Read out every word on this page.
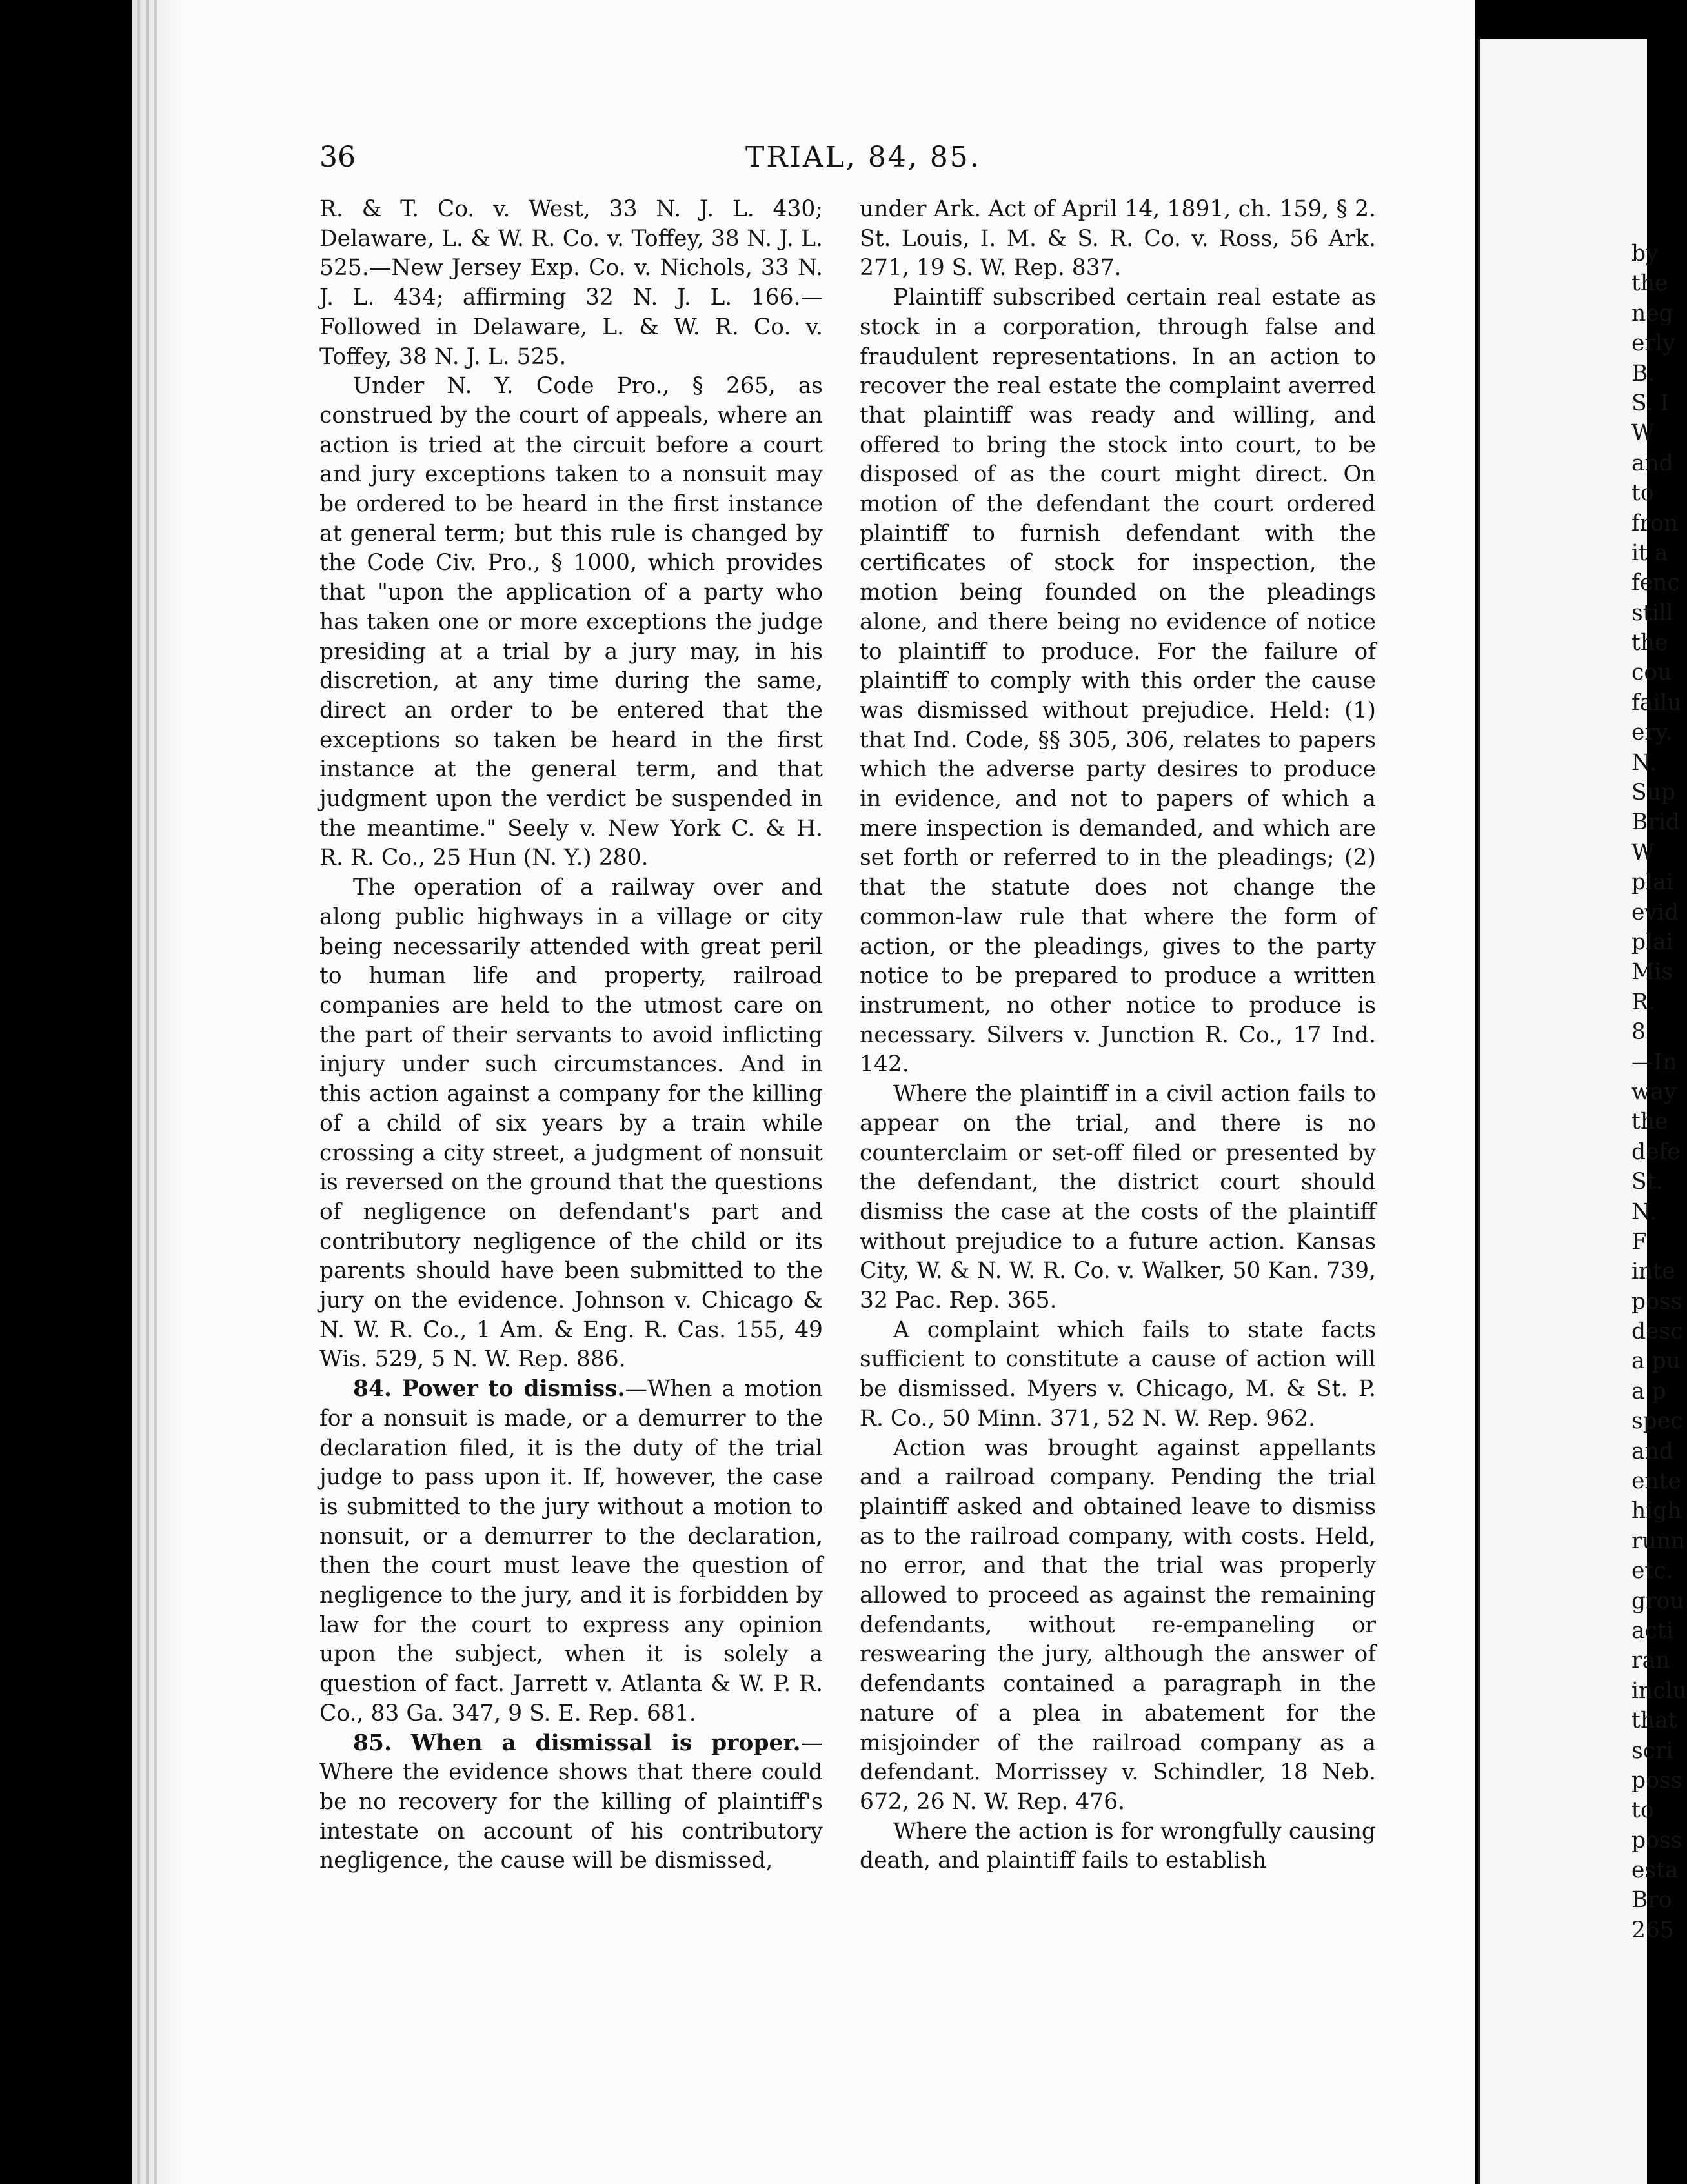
36	TRIAL, 84, 85.

R. & T. Co. v. West, 33 N. J. L. 430; Delaware, L. & W. R. Co. v. Toffey, 38 N. J. L. 525.—New Jersey Exp. Co. v. Nichols, 33 N. J. L. 434; affirming 32 N. J. L. 166.—Followed in Delaware, L. & W. R. Co. v. Toffey, 38 N. J. L. 525.

Under N. Y. Code Pro., § 265, as construed by the court of appeals, where an action is tried at the circuit before a court and jury exceptions taken to a nonsuit may be ordered to be heard in the first instance at general term; but this rule is changed by the Code Civ. Pro., § 1000, which provides that "upon the application of a party who has taken one or more exceptions the judge presiding at a trial by a jury may, in his discretion, at any time during the same, direct an order to be entered that the exceptions so taken be heard in the first instance at the general term, and that judgment upon the verdict be suspended in the meantime." Seely v. New York C. & H. R. R. Co., 25 Hun (N. Y.) 280.

The operation of a railway over and along public highways in a village or city being necessarily attended with great peril to human life and property, railroad companies are held to the utmost care on the part of their servants to avoid inflicting injury under such circumstances. And in this action against a company for the killing of a child of six years by a train while crossing a city street, a judgment of nonsuit is reversed on the ground that the questions of negligence on defendant's part and contributory negligence of the child or its parents should have been submitted to the jury on the evidence. Johnson v. Chicago & N. W. R. Co., 1 Am. & Eng. R. Cas. 155, 49 Wis. 529, 5 N. W. Rep. 886.

84. Power to dismiss.—When a motion for a nonsuit is made, or a demurrer to the declaration filed, it is the duty of the trial judge to pass upon it. If, however, the case is submitted to the jury without a motion to nonsuit, or a demurrer to the declaration, then the court must leave the question of negligence to the jury, and it is forbidden by law for the court to express any opinion upon the subject, when it is solely a question of fact. Jarrett v. Atlanta & W. P. R. Co., 83 Ga. 347, 9 S. E. Rep. 681.

85. When a dismissal is proper.—Where the evidence shows that there could be no recovery for the killing of plaintiff's intestate on account of his contributory negligence, the cause will be dismissed,

under Ark. Act of April 14, 1891, ch. 159, § 2. St. Louis, I. M. & S. R. Co. v. Ross, 56 Ark. 271, 19 S. W. Rep. 837.

Plaintiff subscribed certain real estate as stock in a corporation, through false and fraudulent representations. In an action to recover the real estate the complaint averred that plaintiff was ready and willing, and offered to bring the stock into court, to be disposed of as the court might direct. On motion of the defendant the court ordered plaintiff to furnish defendant with the certificates of stock for inspection, the motion being founded on the pleadings alone, and there being no evidence of notice to plaintiff to produce. For the failure of plaintiff to comply with this order the cause was dismissed without prejudice. Held: (1) that Ind. Code, §§ 305, 306, relates to papers which the adverse party desires to produce in evidence, and not to papers of which a mere inspection is demanded, and which are set forth or referred to in the pleadings; (2) that the statute does not change the common-law rule that where the form of action, or the pleadings, gives to the party notice to be prepared to produce a written instrument, no other notice to produce is necessary. Silvers v. Junction R. Co., 17 Ind. 142.

Where the plaintiff in a civil action fails to appear on the trial, and there is no counterclaim or set-off filed or presented by the defendant, the district court should dismiss the case at the costs of the plaintiff without prejudice to a future action. Kansas City, W. & N. W. R. Co. v. Walker, 50 Kan. 739, 32 Pac. Rep. 365.

A complaint which fails to state facts sufficient to constitute a cause of action will be dismissed. Myers v. Chicago, M. & St. P. R. Co., 50 Minn. 371, 52 N. W. Rep. 962.

Action was brought against appellants and a railroad company. Pending the trial plaintiff asked and obtained leave to dismiss as to the railroad company, with costs. Held, no error, and that the trial was properly allowed to proceed as against the remaining defendants, without re-empaneling or reswearing the jury, although the answer of defendants contained a paragraph in the nature of a plea in abatement for the misjoinder of the railroad company as a defendant. Morrissey v. Schindler, 18 Neb. 672, 26 N. W. Rep. 476.

Where the action is for wrongfully causing death, and plaintiff fails to establish

by
the
neg
erly
B.
S. I
W
and
to
fron
it a
fenc
still
the
cou
failu
ery.
N.
Sup
Brid
W
plai
evid
plai
Mis
R.
8
—In
way
the
defe
St.
N.
F
inte
poss
desc
a pu
a p
spec
and
ente
high
runn
etc.
grou
acti
ran
inclu
that
scri
poss
to
poss
esta
Bro
265
